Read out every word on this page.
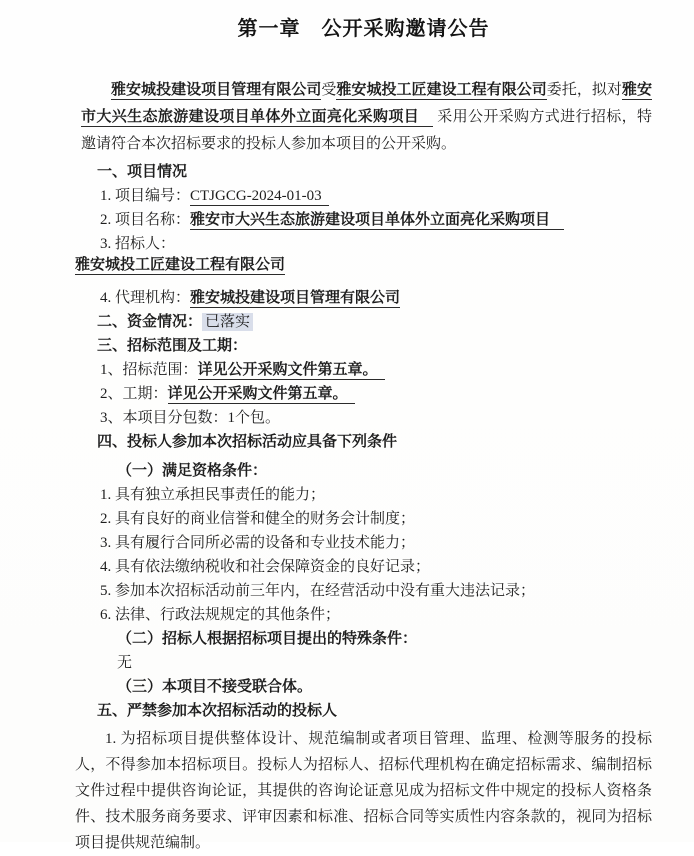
第一章　公开采购邀请公告

雅安城投建设项目管理有限公司受雅安城投工匠建设工程有限公司委托，拟对雅安市大兴生态旅游建设项目单体外立面亮化采购项目 采用公开采购方式进行招标，特邀请符合本次招标要求的投标人参加本项目的公开采购。

一、项目情况
1. 项目编号：CTJGCG-2024-01-03
2. 项目名称：雅安市大兴生态旅游建设项目单体外立面亮化采购项目
3. 招标人：
雅安城投工匠建设工程有限公司
4. 代理机构：雅安城投建设项目管理有限公司
二、资金情况： 已落实
三、招标范围及工期：
1、招标范围：详见公开采购文件第五章。
2、工期：详见公开采购文件第五章。
3、本项目分包数：1个包。
四、投标人参加本次招标活动应具备下列条件
（一）满足资格条件：
1. 具有独立承担民事责任的能力；
2. 具有良好的商业信誉和健全的财务会计制度；
3. 具有履行合同所必需的设备和专业技术能力；
4. 具有依法缴纳税收和社会保障资金的良好记录；
5. 参加本次招标活动前三年内，在经营活动中没有重大违法记录；
6. 法律、行政法规规定的其他条件；
（二）招标人根据招标项目提出的特殊条件：
无
（三）本项目不接受联合体。
五、严禁参加本次招标活动的投标人

1. 为招标项目提供整体设计、规范编制或者项目管理、监理、检测等服务的投标人，不得参加本招标项目。投标人为招标人、招标代理机构在确定招标需求、编制招标文件过程中提供咨询论证，其提供的咨询论证意见成为招标文件中规定的投标人资格条件、技术服务商务要求、评审因素和标准、招标合同等实质性内容条款的，视同为招标项目提供规范编制。
